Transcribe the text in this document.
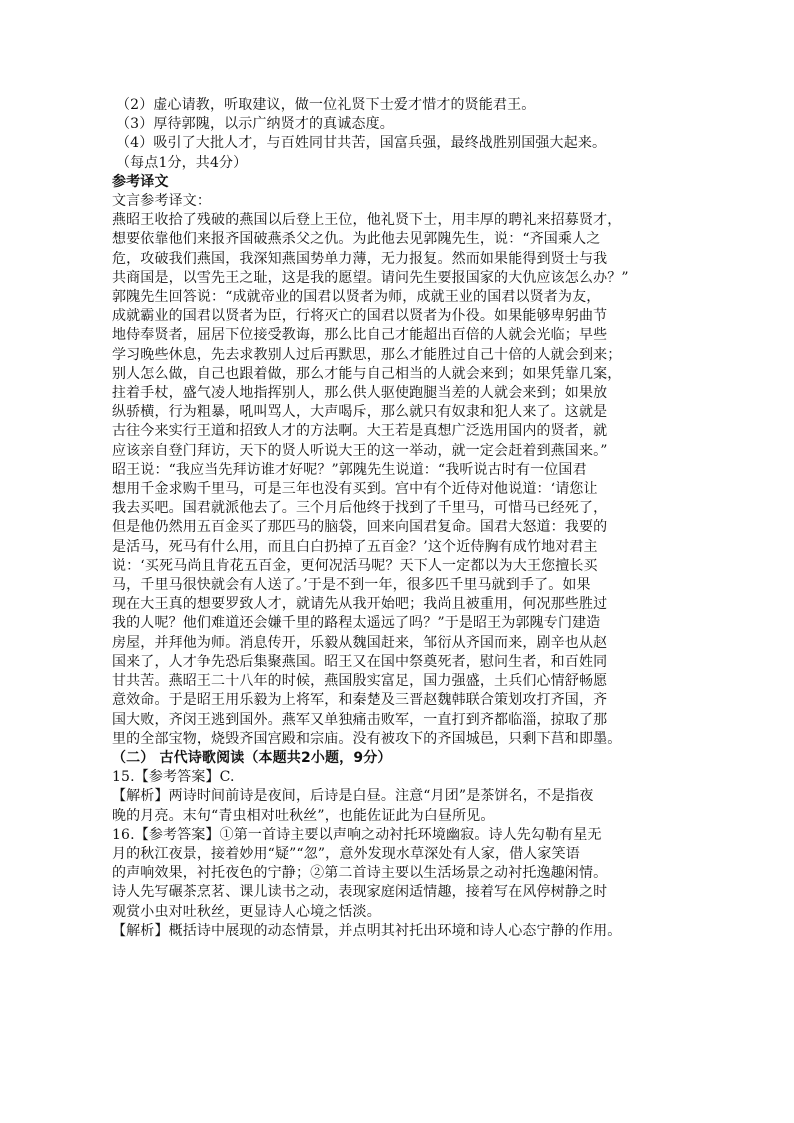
（2）虚心请教，听取建议，做一位礼贤下士爱才惜才的贤能君王。
（3）厚待郭隗，以示广纳贤才的真诚态度。
（4）吸引了大批人才，与百姓同甘共苦，国富兵强，最终战胜别国强大起来。
（每点1分，共4分）
参考译文
文言参考译文：
燕昭王收拾了残破的燕国以后登上王位，他礼贤下士，用丰厚的聘礼来招募贤才，
想要依靠他们来报齐国破燕杀父之仇。为此他去见郭隗先生，说：“齐国乘人之
危，攻破我们燕国，我深知燕国势单力薄，无力报复。然而如果能得到贤士与我
共商国是，以雪先王之耻，这是我的愿望。请问先生要报国家的大仇应该怎么办？”
郭隗先生回答说：“成就帝业的国君以贤者为师，成就王业的国君以贤者为友，
成就霸业的国君以贤者为臣，行将灭亡的国君以贤者为仆役。如果能够卑躬曲节
地侍奉贤者，屈居下位接受教诲，那么比自己才能超出百倍的人就会光临；早些
学习晚些休息，先去求教别人过后再默思，那么才能胜过自己十倍的人就会到来；
别人怎么做，自己也跟着做，那么才能与自己相当的人就会来到；如果凭靠几案，
拄着手杖，盛气凌人地指挥别人，那么供人驱使跑腿当差的人就会来到；如果放
纵骄横，行为粗暴，吼叫骂人，大声喝斥，那么就只有奴隶和犯人来了。这就是
古往今来实行王道和招致人才的方法啊。大王若是真想广泛选用国内的贤者，就
应该亲自登门拜访，天下的贤人听说大王的这一举动，就一定会赶着到燕国来。”
昭王说：“我应当先拜访谁才好呢？”郭隗先生说道：“我听说古时有一位国君
想用千金求购千里马，可是三年也没有买到。宫中有个近侍对他说道：‘请您让
我去买吧。国君就派他去了。三个月后他终于找到了千里马，可惜马已经死了，
但是他仍然用五百金买了那匹马的脑袋，回来向国君复命。国君大怒道：我要的
是活马，死马有什么用，而且白白扔掉了五百金？’这个近侍胸有成竹地对君主
说：‘买死马尚且肯花五百金，更何况活马呢？天下人一定都以为大王您擅长买
马，千里马很快就会有人送了。’于是不到一年，很多匹千里马就到手了。如果
现在大王真的想要罗致人才，就请先从我开始吧；我尚且被重用，何况那些胜过
我的人呢？他们难道还会嫌千里的路程太遥远了吗？”于是昭王为郭隗专门建造
房屋，并拜他为师。消息传开，乐毅从魏国赶来，邹衍从齐国而来，剧辛也从赵
国来了，人才争先恐后集聚燕国。昭王又在国中祭奠死者，慰问生者，和百姓同
甘共苦。燕昭王二十八年的时候，燕国殷实富足，国力强盛，土兵们心情舒畅愿
意效命。于是昭王用乐毅为上将军，和秦楚及三晋赵魏韩联合策划攻打齐国，齐
国大败，齐闵王逃到国外。燕军又单独痛击败军，一直打到齐都临淄，掠取了那
里的全部宝物，烧毁齐国宫殿和宗庙。没有被攻下的齐国城邑，只剩下莒和即墨。
（二） 古代诗歌阅读（本题共2小题，9分）
15.【参考答案】C.
【解析】两诗时间前诗是夜间，后诗是白昼。注意“月团”是茶饼名，不是指夜
晚的月亮。末句“青虫相对吐秋丝”，也能佐证此为白昼所见。
16.【参考答案】①第一首诗主要以声响之动衬托环境幽寂。诗人先勾勒有星无
月的秋江夜景，接着妙用“疑”“忽”，意外发现水草深处有人家，借人家笑语
的声响效果，衬托夜色的宁静；②第二首诗主要以生活场景之动衬托逸趣闲情。
诗人先写碾茶烹茗、课儿读书之动，表现家庭闲适情趣，接着写在风停树静之时
观赏小虫对吐秋丝，更显诗人心境之恬淡。
【解析】概括诗中展现的动态情景，并点明其衬托出环境和诗人心态宁静的作用。
